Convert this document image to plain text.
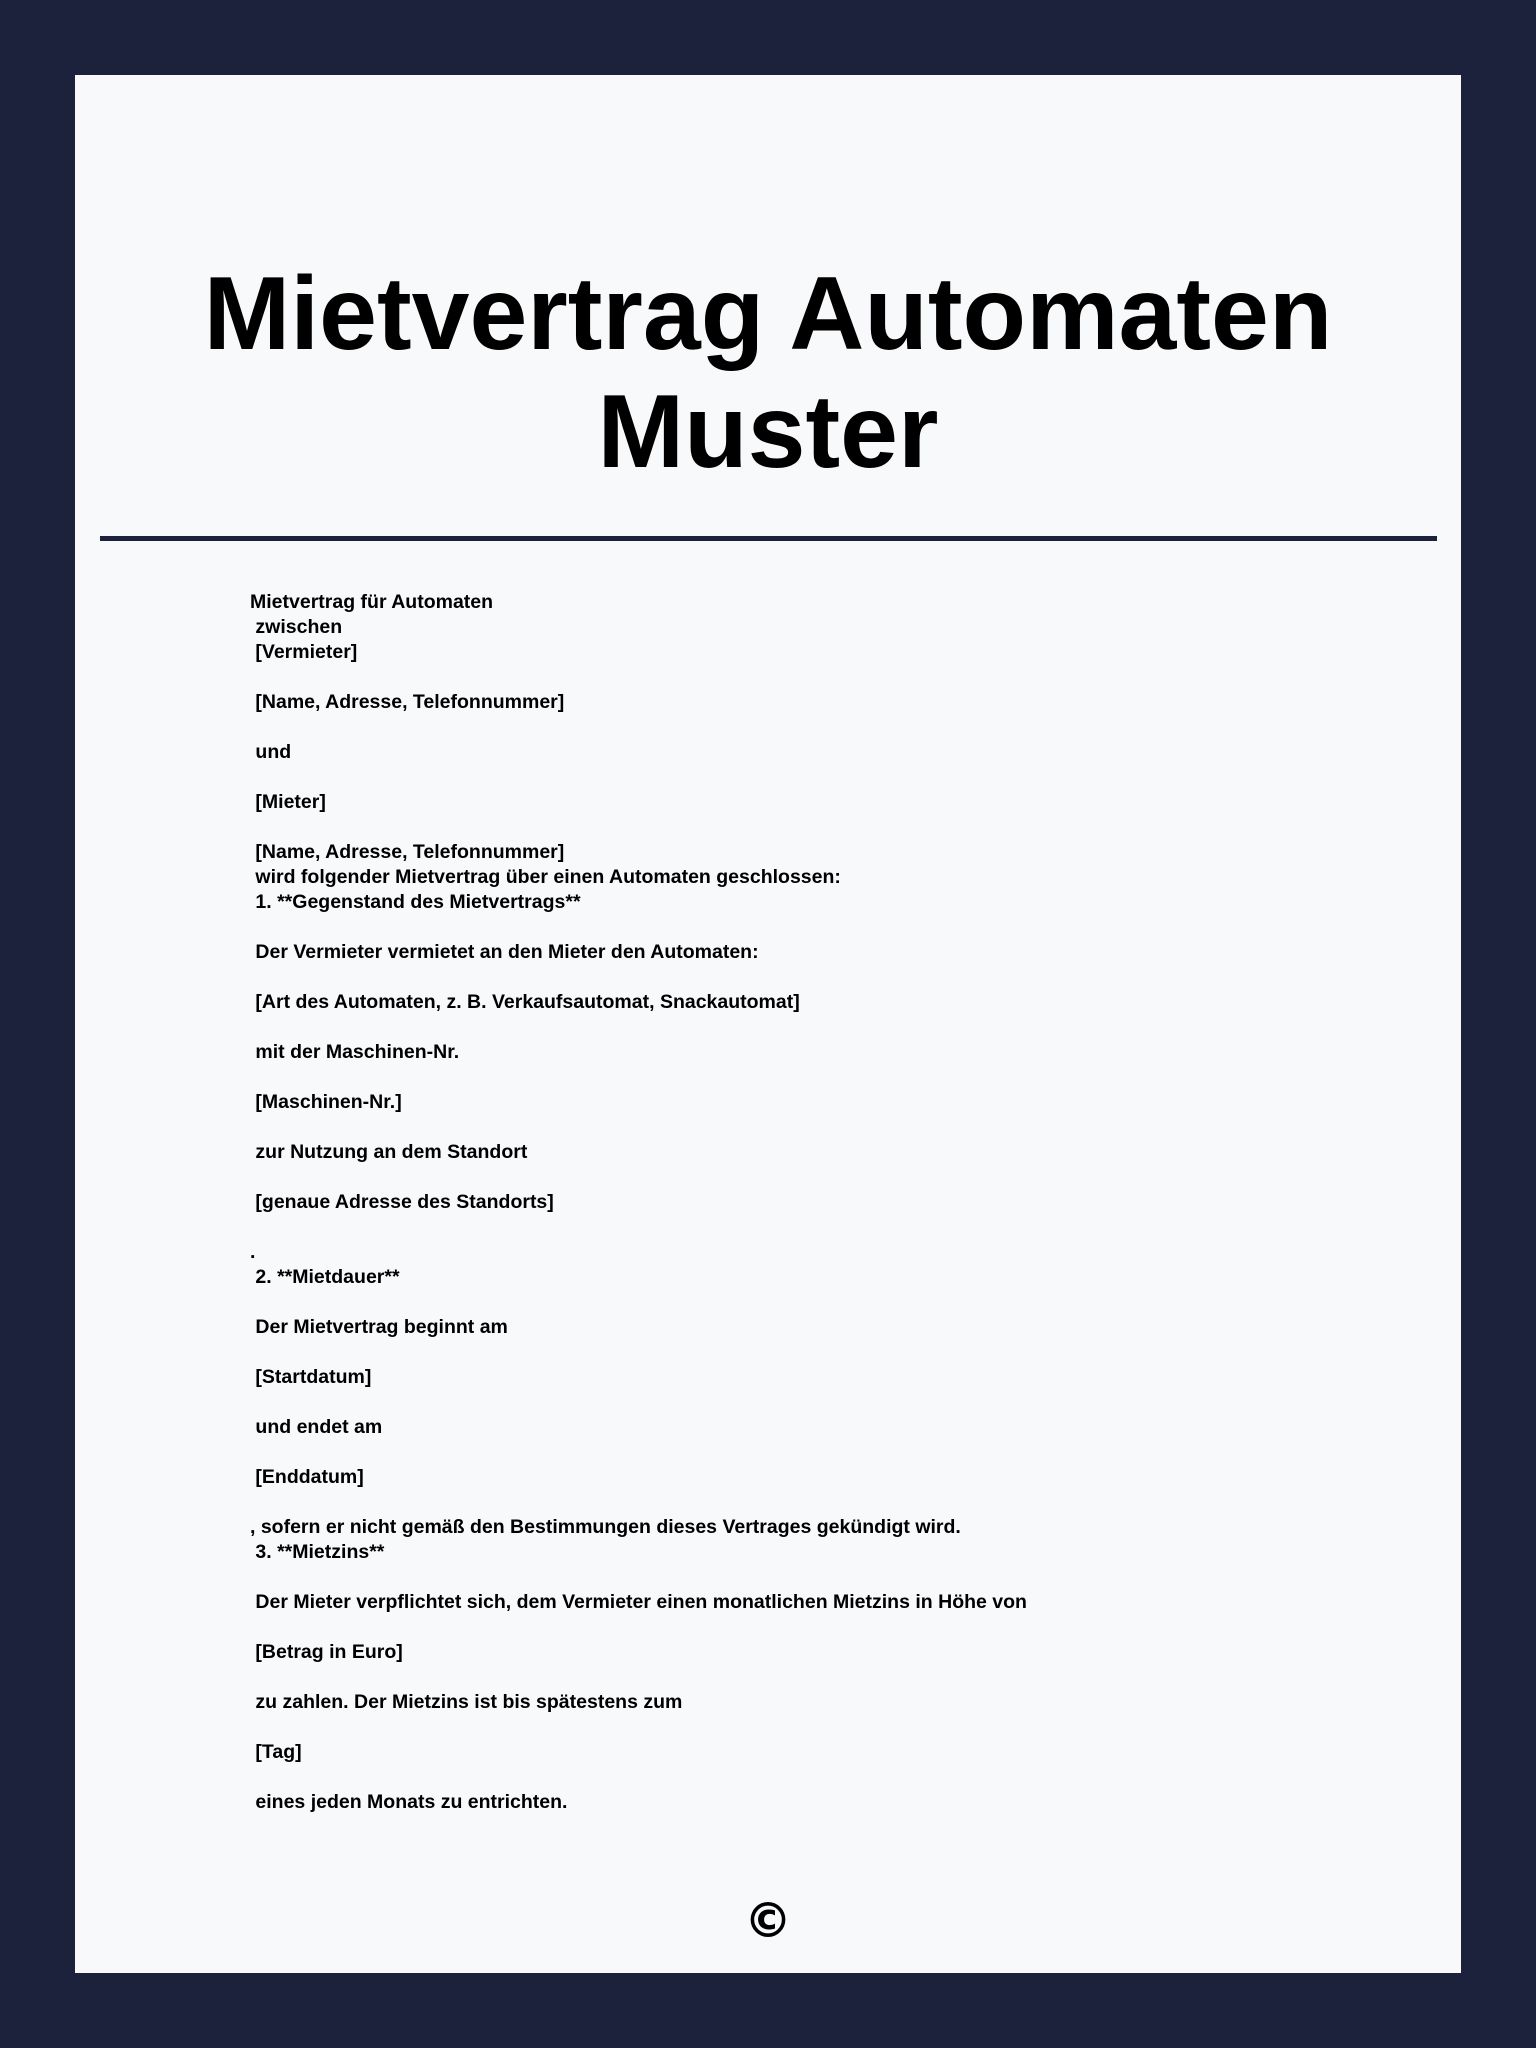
Mietvertrag Automaten Muster
Mietvertrag für Automaten
zwischen
[Vermieter]
[Name, Adresse, Telefonnummer]
und
[Mieter]
[Name, Adresse, Telefonnummer]
wird folgender Mietvertrag über einen Automaten geschlossen:
1. **Gegenstand des Mietvertrags**
Der Vermieter vermietet an den Mieter den Automaten:
[Art des Automaten, z. B. Verkaufsautomat, Snackautomat]
mit der Maschinen-Nr.
[Maschinen-Nr.]
zur Nutzung an dem Standort
[genaue Adresse des Standorts]
.
2. **Mietdauer**
Der Mietvertrag beginnt am
[Startdatum]
und endet am
[Enddatum]
, sofern er nicht gemäß den Bestimmungen dieses Vertrages gekündigt wird.
3. **Mietzins**
Der Mieter verpflichtet sich, dem Vermieter einen monatlichen Mietzins in Höhe von
[Betrag in Euro]
zu zahlen. Der Mietzins ist bis spätestens zum
[Tag]
eines jeden Monats zu entrichten.
©
